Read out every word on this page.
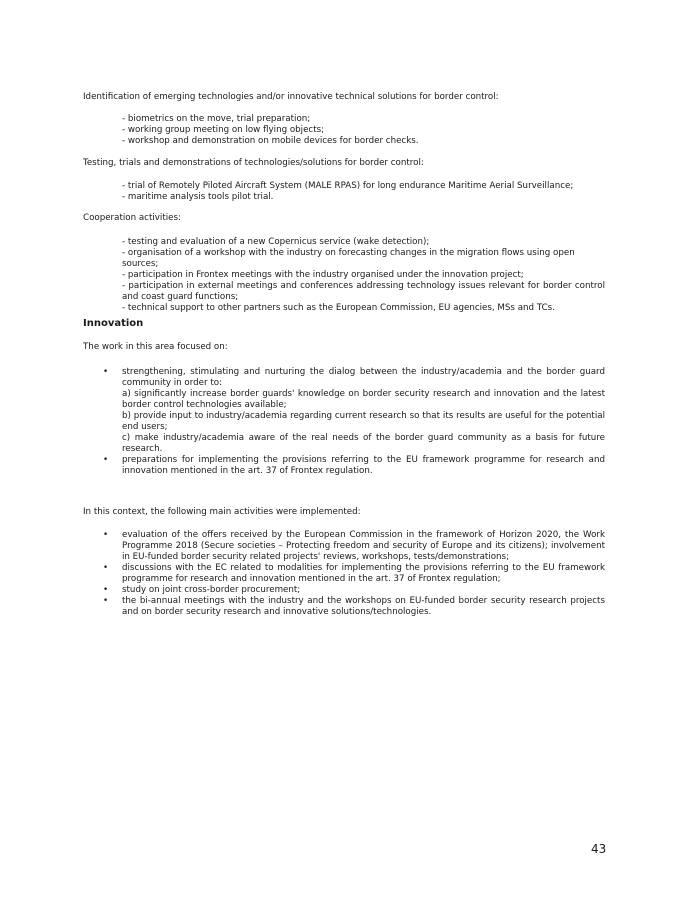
Identification of emerging technologies and/or innovative technical solutions for border control:

- biometrics on the move, trial preparation;
- working group meeting on low flying objects;
- workshop and demonstration on mobile devices for border checks.

Testing, trials and demonstrations of technologies/solutions for border control:

- trial of Remotely Piloted Aircraft System (MALE RPAS) for long endurance Maritime Aerial Surveillance;
- maritime analysis tools pilot trial.

Cooperation activities:

- testing and evaluation of a new Copernicus service (wake detection);
- organisation of a workshop with the industry on forecasting changes in the migration flows using open sources;
- participation in Frontex meetings with the industry organised under the innovation project;
- participation in external meetings and conferences addressing technology issues relevant for border control and coast guard functions;
- technical support to other partners such as the European Commission, EU agencies, MSs and TCs.
Innovation

The work in this area focused on:

• strengthening, stimulating and nurturing the dialog between the industry/academia and the border guard community in order to:
a) significantly increase border guards' knowledge on border security research and innovation and the latest border control technologies available;
b) provide input to industry/academia regarding current research so that its results are useful for the potential end users;
c) make industry/academia aware of the real needs of the border guard community as a basis for future research.
• preparations for implementing the provisions referring to the EU framework programme for research and innovation mentioned in the art. 37 of Frontex regulation.

In this context, the following main activities were implemented:

• evaluation of the offers received by the European Commission in the framework of Horizon 2020, the Work Programme 2018 (Secure societies – Protecting freedom and security of Europe and its citizens); involvement in EU-funded border security related projects' reviews, workshops, tests/demonstrations;
• discussions with the EC related to modalities for implementing the provisions referring to the EU framework programme for research and innovation mentioned in the art. 37 of Frontex regulation;
• study on joint cross-border procurement;
• the bi-annual meetings with the industry and the workshops on EU-funded border security research projects and on border security research and innovative solutions/technologies.
43
